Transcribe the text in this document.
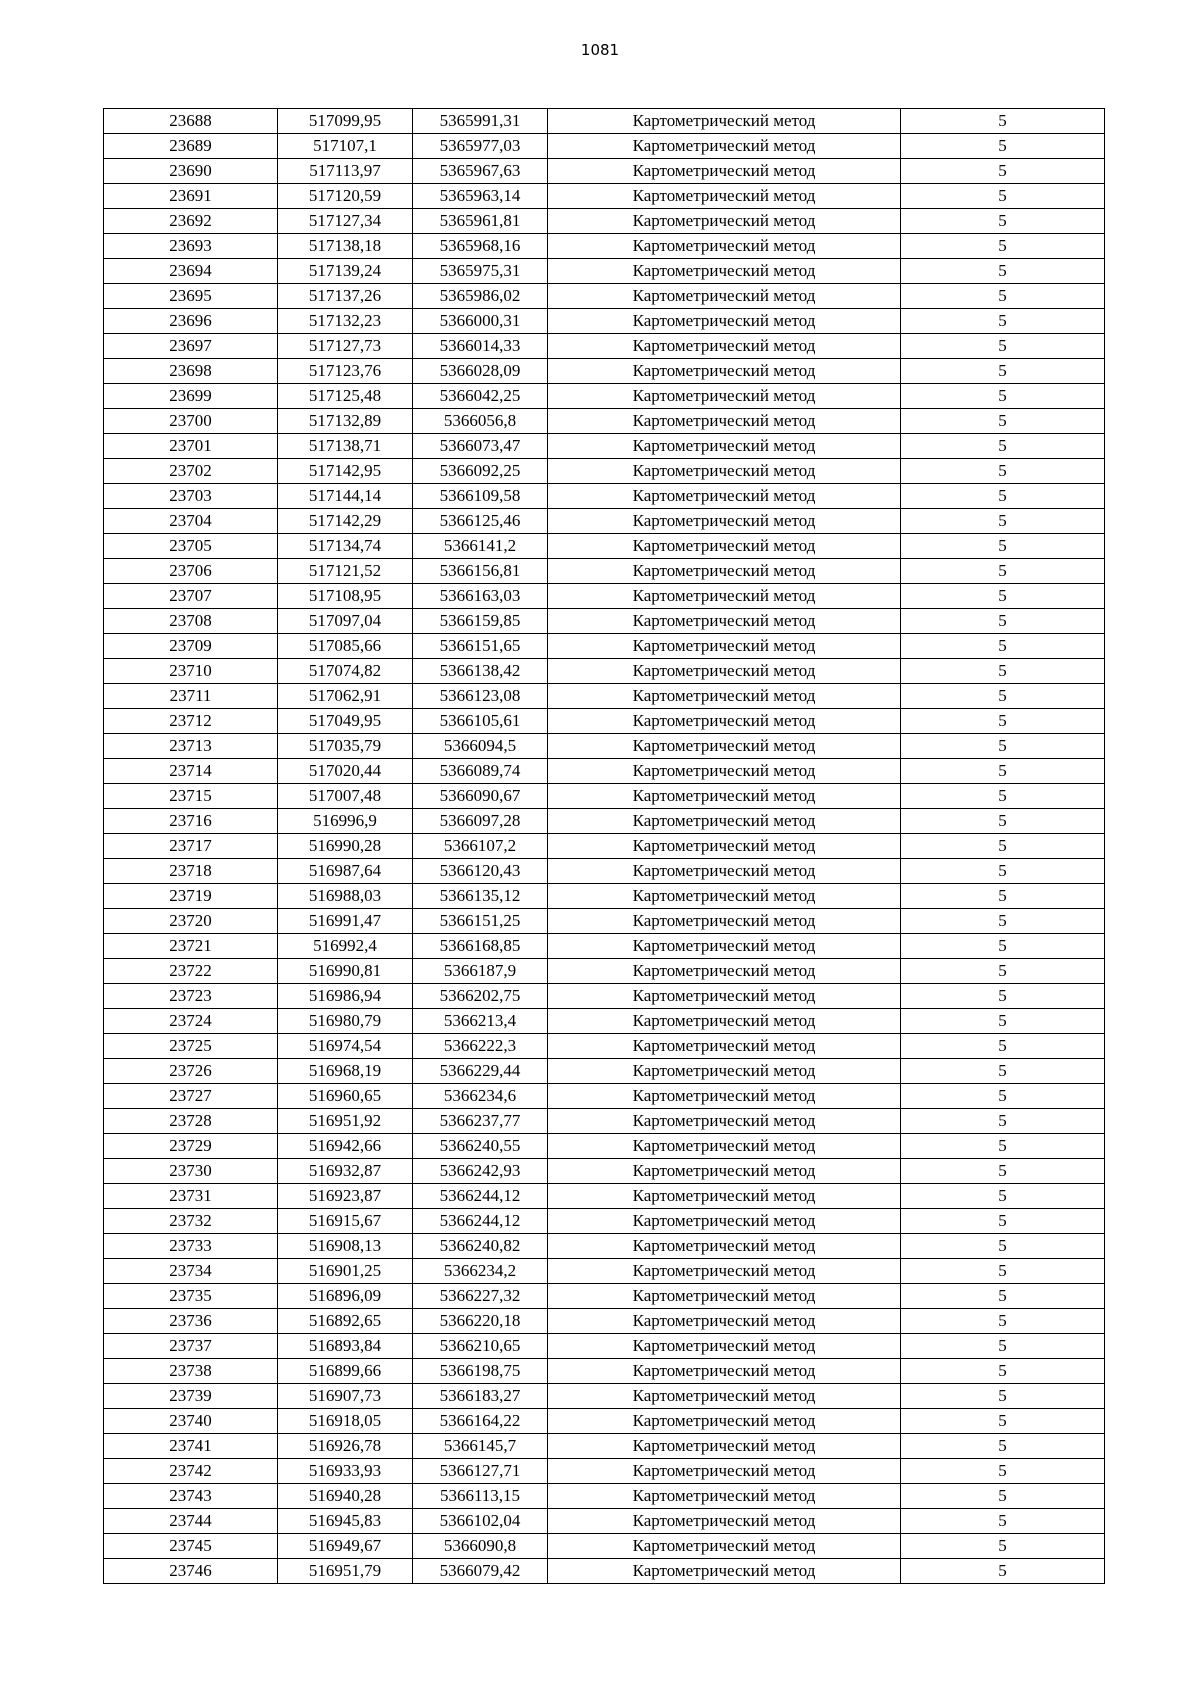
1081
23688	517099,95	5365991,31	Картометрический метод	5
23689	517107,1	5365977,03	Картометрический метод	5
23690	517113,97	5365967,63	Картометрический метод	5
23691	517120,59	5365963,14	Картометрический метод	5
23692	517127,34	5365961,81	Картометрический метод	5
23693	517138,18	5365968,16	Картометрический метод	5
23694	517139,24	5365975,31	Картометрический метод	5
23695	517137,26	5365986,02	Картометрический метод	5
23696	517132,23	5366000,31	Картометрический метод	5
23697	517127,73	5366014,33	Картометрический метод	5
23698	517123,76	5366028,09	Картометрический метод	5
23699	517125,48	5366042,25	Картометрический метод	5
23700	517132,89	5366056,8	Картометрический метод	5
23701	517138,71	5366073,47	Картометрический метод	5
23702	517142,95	5366092,25	Картометрический метод	5
23703	517144,14	5366109,58	Картометрический метод	5
23704	517142,29	5366125,46	Картометрический метод	5
23705	517134,74	5366141,2	Картометрический метод	5
23706	517121,52	5366156,81	Картометрический метод	5
23707	517108,95	5366163,03	Картометрический метод	5
23708	517097,04	5366159,85	Картометрический метод	5
23709	517085,66	5366151,65	Картометрический метод	5
23710	517074,82	5366138,42	Картометрический метод	5
23711	517062,91	5366123,08	Картометрический метод	5
23712	517049,95	5366105,61	Картометрический метод	5
23713	517035,79	5366094,5	Картометрический метод	5
23714	517020,44	5366089,74	Картометрический метод	5
23715	517007,48	5366090,67	Картометрический метод	5
23716	516996,9	5366097,28	Картометрический метод	5
23717	516990,28	5366107,2	Картометрический метод	5
23718	516987,64	5366120,43	Картометрический метод	5
23719	516988,03	5366135,12	Картометрический метод	5
23720	516991,47	5366151,25	Картометрический метод	5
23721	516992,4	5366168,85	Картометрический метод	5
23722	516990,81	5366187,9	Картометрический метод	5
23723	516986,94	5366202,75	Картометрический метод	5
23724	516980,79	5366213,4	Картометрический метод	5
23725	516974,54	5366222,3	Картометрический метод	5
23726	516968,19	5366229,44	Картометрический метод	5
23727	516960,65	5366234,6	Картометрический метод	5
23728	516951,92	5366237,77	Картометрический метод	5
23729	516942,66	5366240,55	Картометрический метод	5
23730	516932,87	5366242,93	Картометрический метод	5
23731	516923,87	5366244,12	Картометрический метод	5
23732	516915,67	5366244,12	Картометрический метод	5
23733	516908,13	5366240,82	Картометрический метод	5
23734	516901,25	5366234,2	Картометрический метод	5
23735	516896,09	5366227,32	Картометрический метод	5
23736	516892,65	5366220,18	Картометрический метод	5
23737	516893,84	5366210,65	Картометрический метод	5
23738	516899,66	5366198,75	Картометрический метод	5
23739	516907,73	5366183,27	Картометрический метод	5
23740	516918,05	5366164,22	Картометрический метод	5
23741	516926,78	5366145,7	Картометрический метод	5
23742	516933,93	5366127,71	Картометрический метод	5
23743	516940,28	5366113,15	Картометрический метод	5
23744	516945,83	5366102,04	Картометрический метод	5
23745	516949,67	5366090,8	Картометрический метод	5
23746	516951,79	5366079,42	Картометрический метод	5
